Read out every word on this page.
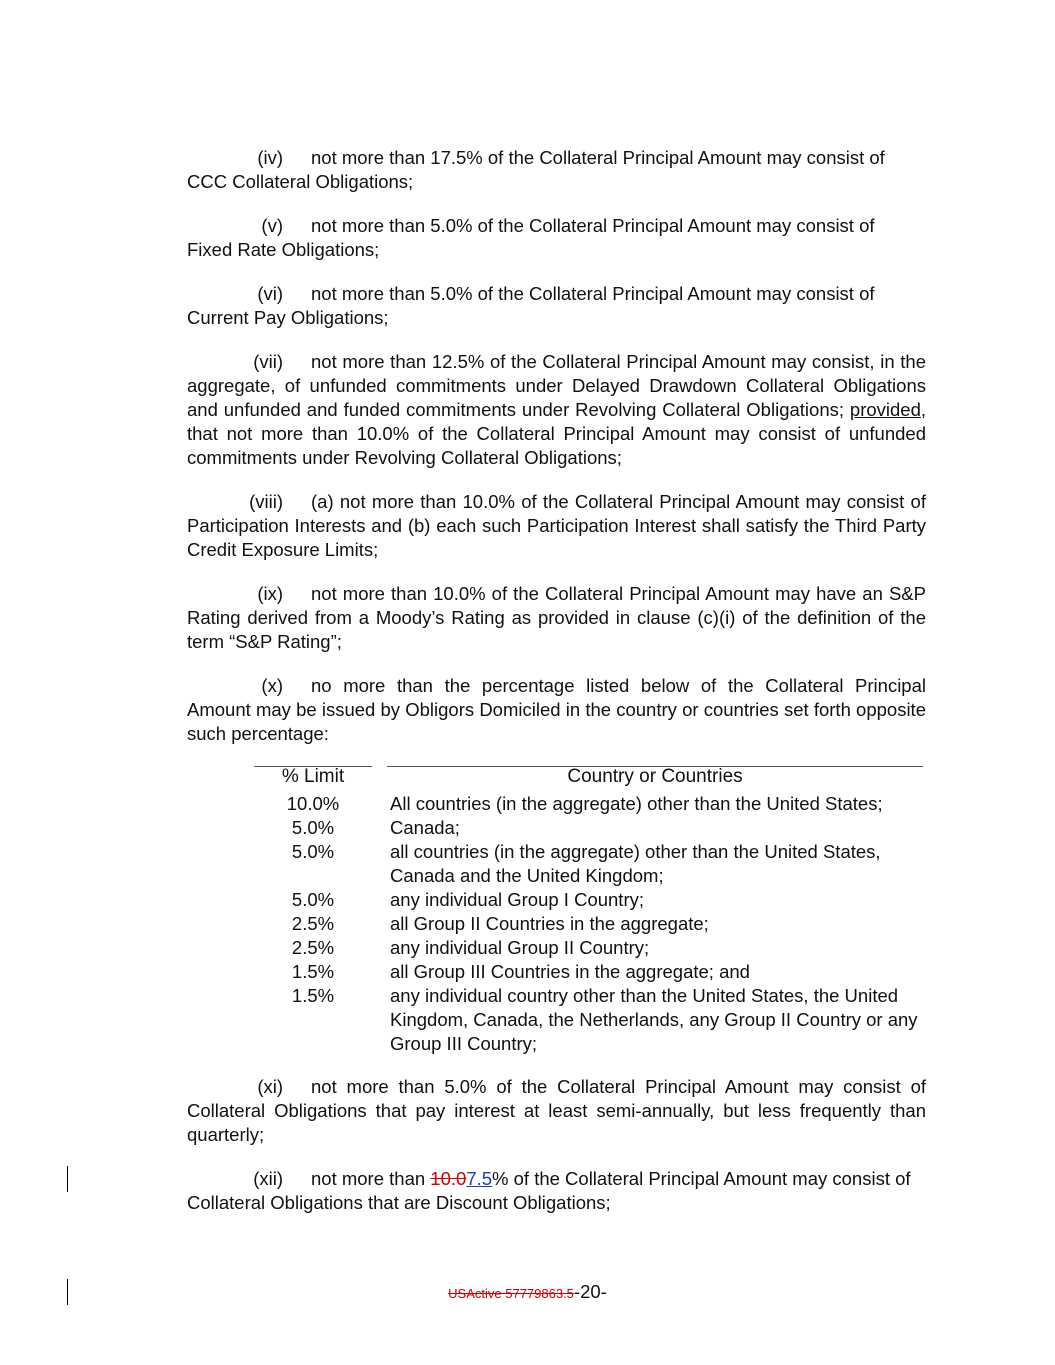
(iv) not more than 17.5% of the Collateral Principal Amount may consist of
CCC Collateral Obligations;
(v) not more than 5.0% of the Collateral Principal Amount may consist of
Fixed Rate Obligations;
(vi) not more than 5.0% of the Collateral Principal Amount may consist of
Current Pay Obligations;
(vii) not more than 12.5% of the Collateral Principal Amount may consist, in the aggregate, of unfunded commitments under Delayed Drawdown Collateral Obligations and unfunded and funded commitments under Revolving Collateral Obligations; provided, that not more than 10.0% of the Collateral Principal Amount may consist of unfunded commitments under Revolving Collateral Obligations;
(viii) (a) not more than 10.0% of the Collateral Principal Amount may consist of Participation Interests and (b) each such Participation Interest shall satisfy the Third Party Credit Exposure Limits;
(ix) not more than 10.0% of the Collateral Principal Amount may have an S&P Rating derived from a Moody’s Rating as provided in clause (c)(i) of the definition of the term “S&P Rating”;
(x) no more than the percentage listed below of the Collateral Principal Amount may be issued by Obligors Domiciled in the country or countries set forth opposite such percentage:
% Limit	Country or Countries
10.0%	All countries (in the aggregate) other than the United States;
5.0%	Canada;
5.0%	all countries (in the aggregate) other than the United States, Canada and the United Kingdom;
5.0%	any individual Group I Country;
2.5%	all Group II Countries in the aggregate;
2.5%	any individual Group II Country;
1.5%	all Group III Countries in the aggregate; and
1.5%	any individual country other than the United States, the United Kingdom, Canada, the Netherlands, any Group II Country or any Group III Country;
(xi) not more than 5.0% of the Collateral Principal Amount may consist of Collateral Obligations that pay interest at least semi-annually, but less frequently than quarterly;
(xii) not more than 10.07.5% of the Collateral Principal Amount may consist of
Collateral Obligations that are Discount Obligations;
USActive 57779863.5-20-
